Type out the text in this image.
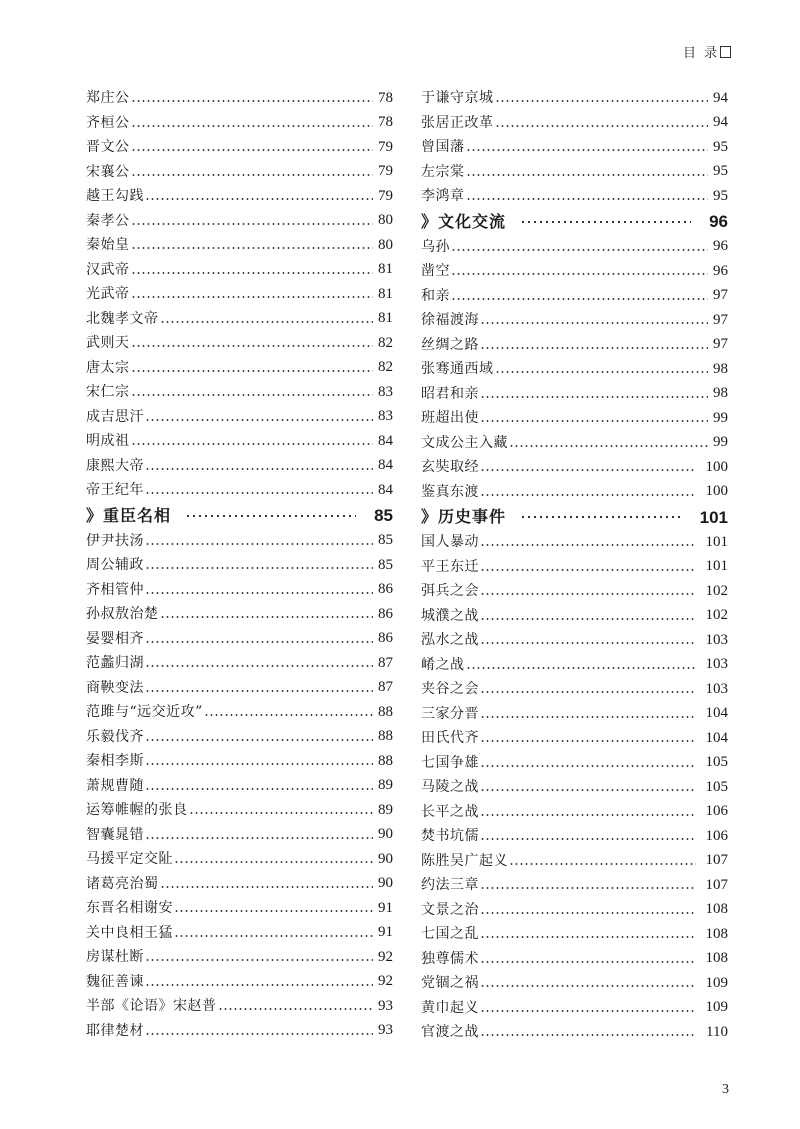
目 录
郑庄公	78
齐桓公	78
晋文公	79
宋襄公	79
越王勾践	79
秦孝公	80
秦始皇	80
汉武帝	81
光武帝	81
北魏孝文帝	81
武则天	82
唐太宗	82
宋仁宗	83
成吉思汗	83
明成祖	84
康熙大帝	84
帝王纪年	84
》重臣名相	85
伊尹扶汤	85
周公辅政	85
齐相管仲	86
孙叔敖治楚	86
晏婴相齐	86
范蠡归湖	87
商鞅变法	87
范雎与“远交近攻”	88
乐毅伐齐	88
秦相李斯	88
萧规曹随	89
运筹帷幄的张良	89
智囊晁错	90
马援平定交阯	90
诸葛亮治蜀	90
东晋名相谢安	91
关中良相王猛	91
房谋杜断	92
魏征善谏	92
半部《论语》宋赵普	93
耶律楚材	93
于谦守京城	94
张居正改革	94
曾国藩	95
左宗棠	95
李鸿章	95
》文化交流	96
乌孙	96
凿空	96
和亲	97
徐福渡海	97
丝绸之路	97
张骞通西域	98
昭君和亲	98
班超出使	99
文成公主入藏	99
玄奘取经	100
鉴真东渡	100
》历史事件	101
国人暴动	101
平王东迁	101
弭兵之会	102
城濮之战	102
泓水之战	103
崤之战	103
夹谷之会	103
三家分晋	104
田氏代齐	104
七国争雄	105
马陵之战	105
长平之战	106
焚书坑儒	106
陈胜吴广起义	107
约法三章	107
文景之治	108
七国之乱	108
独尊儒术	108
党锢之祸	109
黄巾起义	109
官渡之战	110
3
